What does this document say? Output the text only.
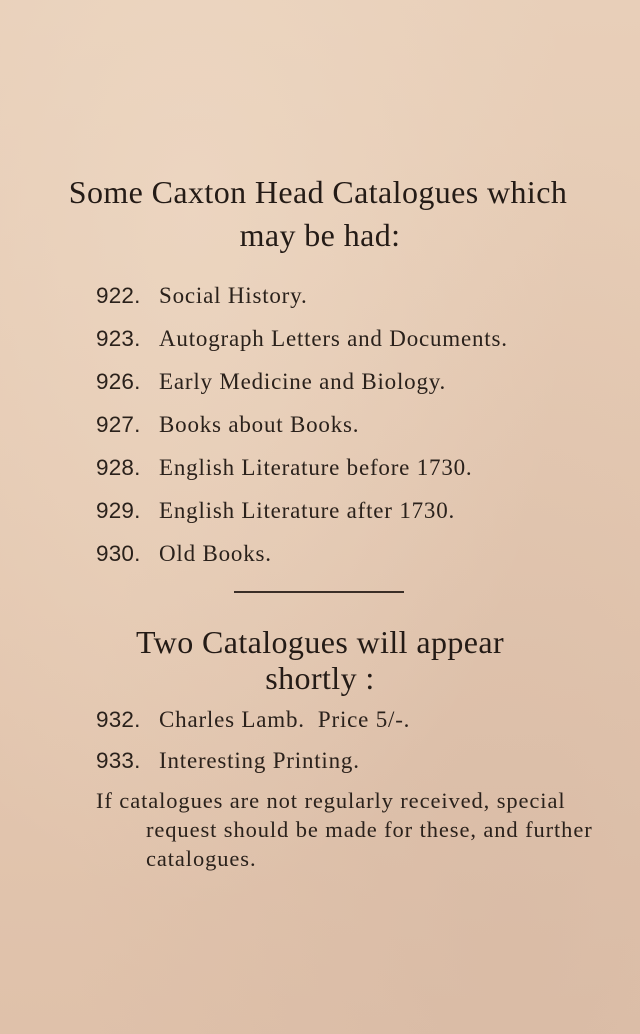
Some Caxton Head Catalogues which
may be had:
922. Social History.
923. Autograph Letters and Documents.
926. Early Medicine and Biology.
927. Books about Books.
928. English Literature before 1730.
929. English Literature after 1730.
930. Old Books.
Two Catalogues will appear
shortly :
932. Charles Lamb.  Price 5/-.
933. Interesting Printing.
If catalogues are not regularly received, special
request should be made for these, and further
catalogues.
